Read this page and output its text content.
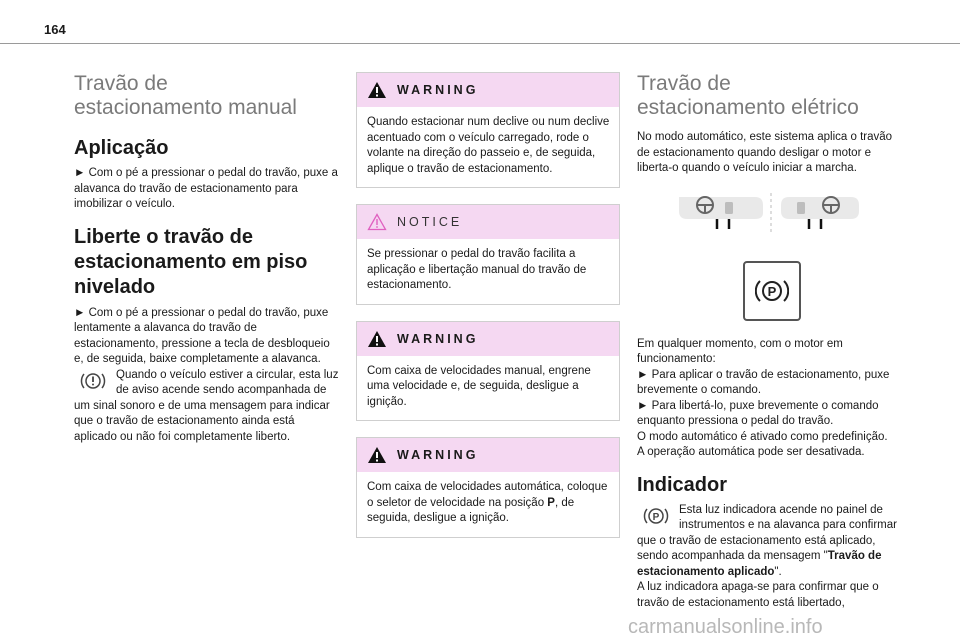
164
Travão de
estacionamento manual
Aplicação

► Com o pé a pressionar o pedal do travão, puxe a alavanca do travão de estacionamento para imobilizar o veículo.

Liberte o travão de estacionamento em piso nivelado

► Com o pé a pressionar o pedal do travão, puxe lentamente a alavanca do travão de estacionamento, pressione a tecla de desbloqueio e, de seguida, baixe completamente a alavanca.

Quando o veículo estiver a circular, esta luz de aviso acende sendo acompanhada de um sinal sonoro e de uma mensagem para indicar que o travão de estacionamento ainda está aplicado ou não foi completamente liberto.

WARNING
Quando estacionar num declive ou num declive acentuado com o veículo carregado, rode o volante na direção do passeio e, de seguida, aplique o travão de estacionamento.
NOTICE
Se pressionar o pedal do travão facilita a aplicação e libertação manual do travão de estacionamento.
WARNING
Com caixa de velocidades manual, engrene uma velocidade e, de seguida, desligue a ignição.
WARNING
Com caixa de velocidades automática, coloque o seletor de velocidade na posição P, de seguida, desligue a ignição.
Travão de
estacionamento elétrico

No modo automático, este sistema aplica o travão de estacionamento quando desligar o motor e liberta-o quando o veículo iniciar a marcha.

P

Em qualquer momento, com o motor em funcionamento:

► Para aplicar o travão de estacionamento, puxe brevemente o comando.

► Para libertá-lo, puxe brevemente o comando enquanto pressiona o pedal do travão.

O modo automático é ativado como predefinição.

A operação automática pode ser desativada.

Indicador
P

Esta luz indicadora acende no painel de instrumentos e na alavanca para confirmar que o travão de estacionamento está aplicado, sendo acompanhada da mensagem "Travão de estacionamento aplicado".

A luz indicadora apaga-se para confirmar que o travão de estacionamento está libertado,

carmanualsonline.info
